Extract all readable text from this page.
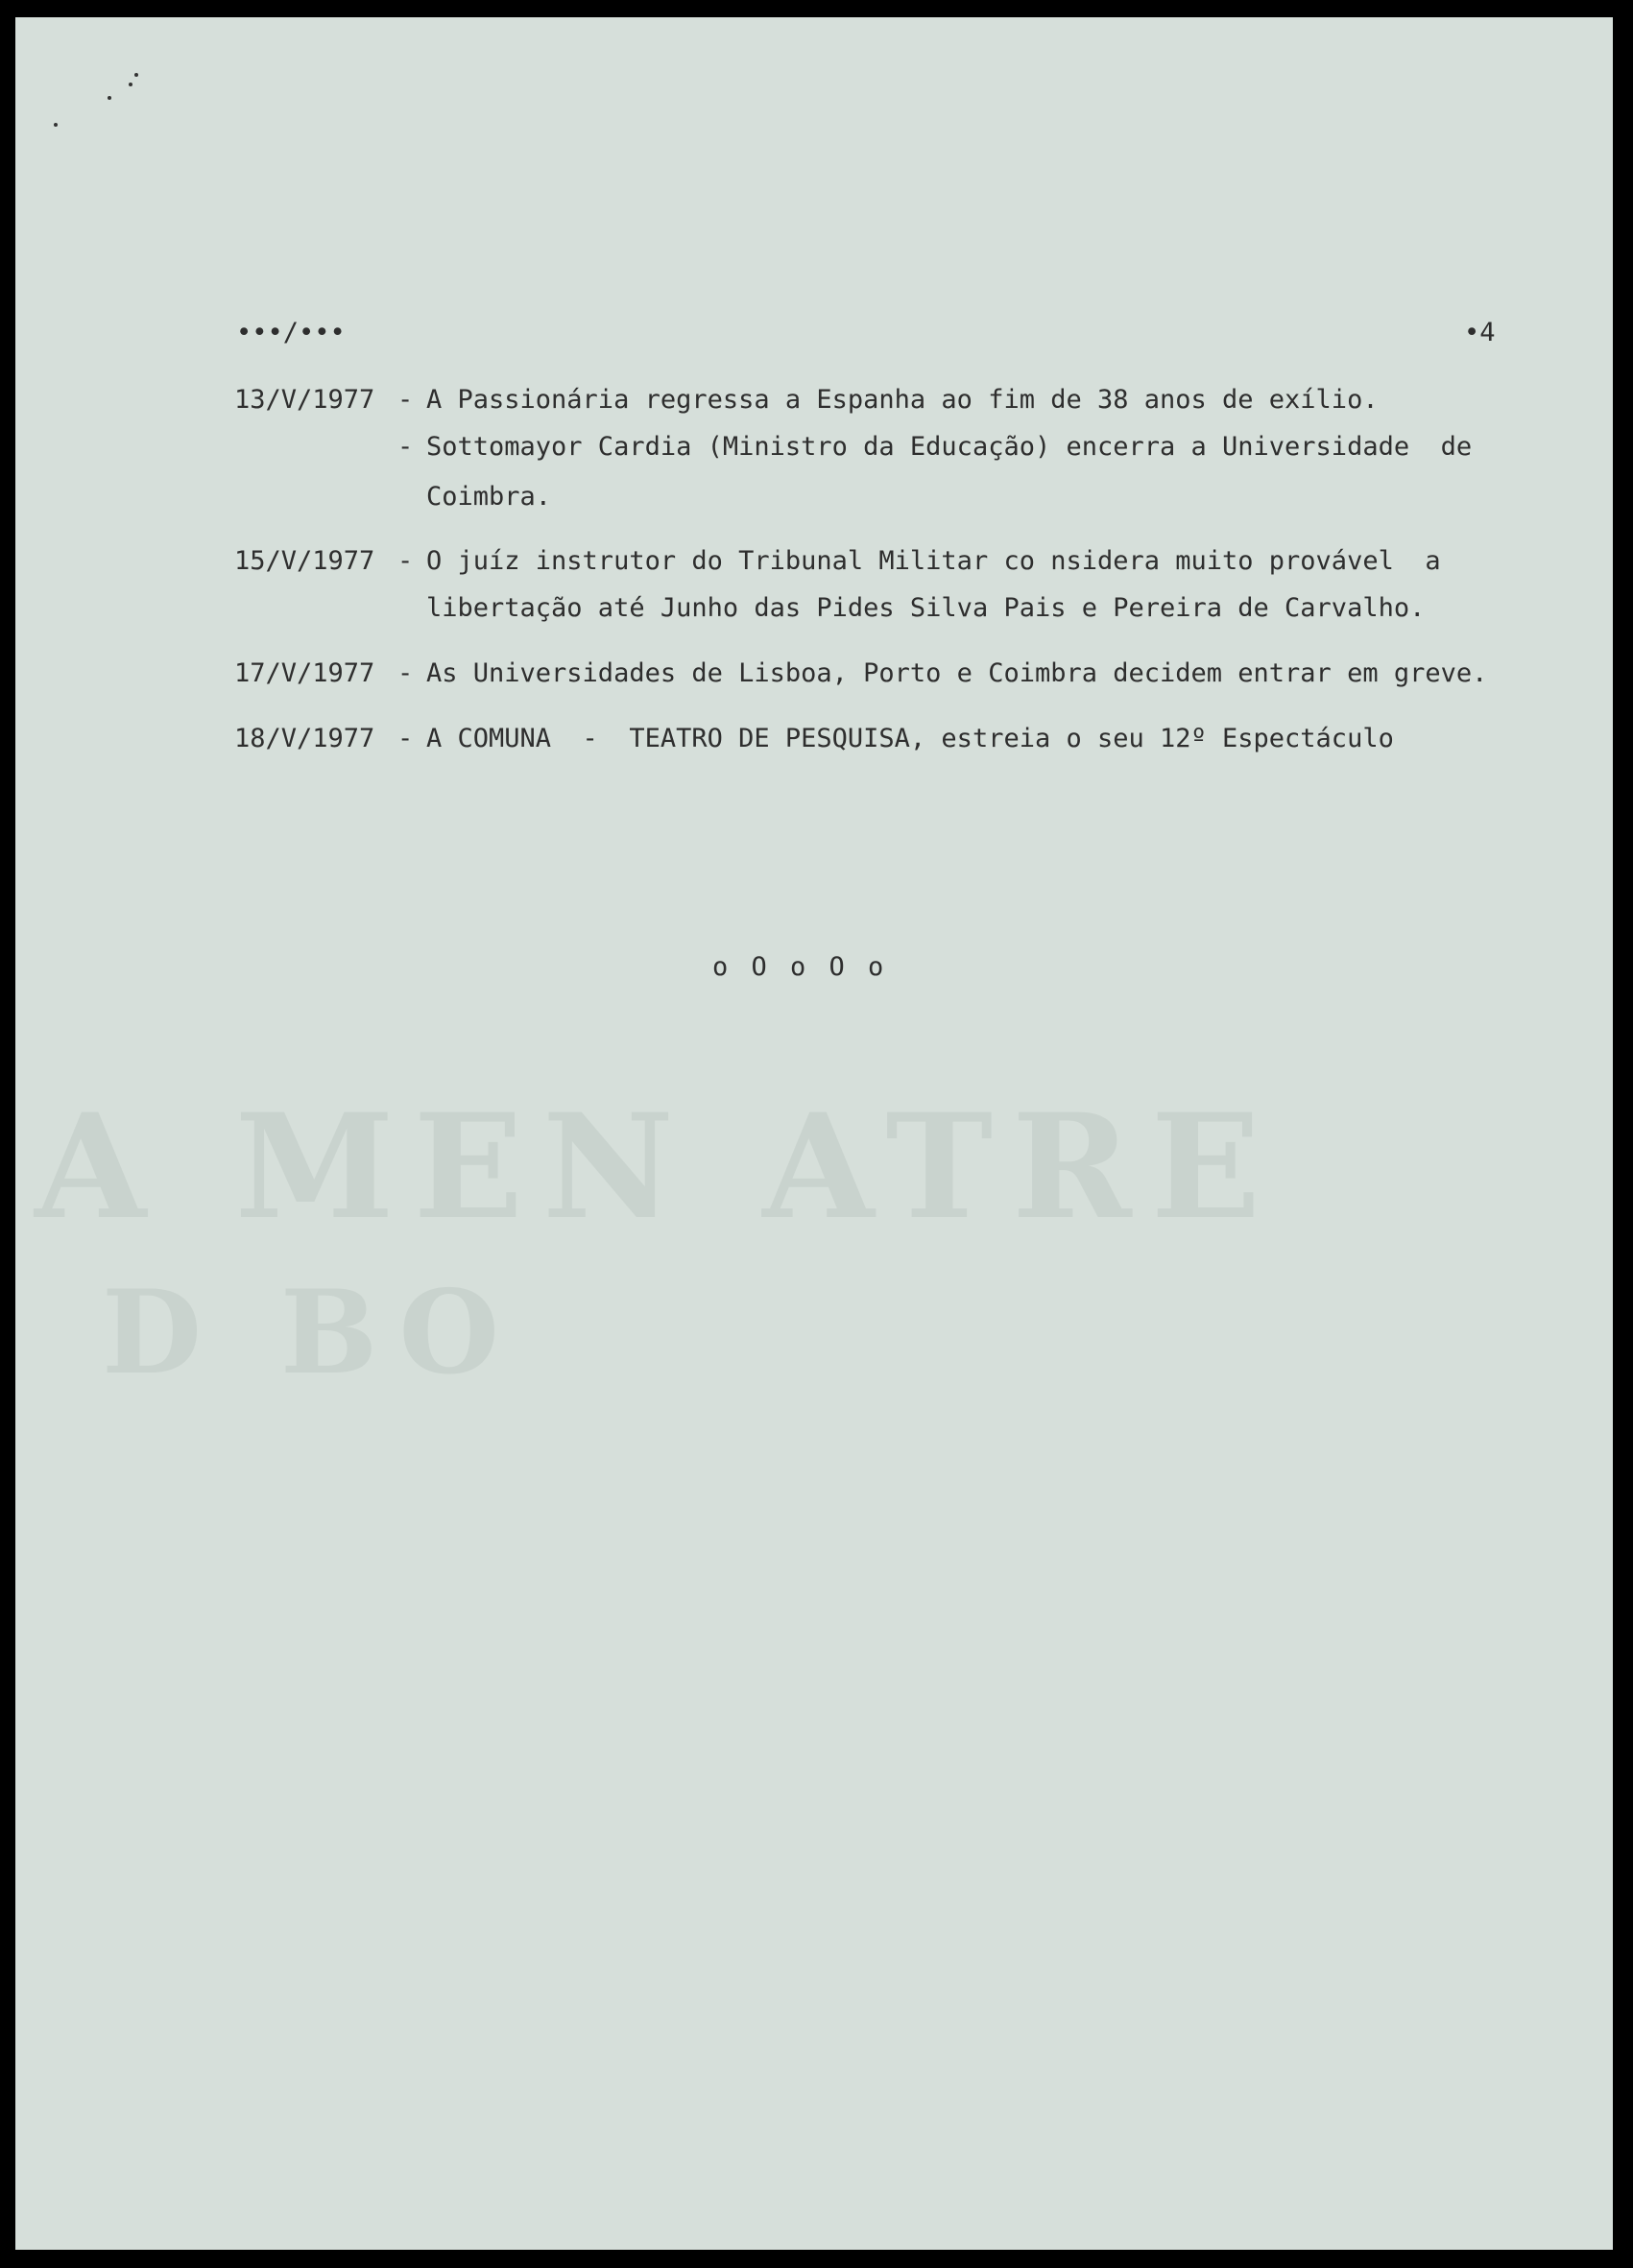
A MEN ATRE
D BO
•••/•••	•4
13/V/1977 - A Passionária regressa a Espanha ao fim de 38 anos de exílio.
- Sottomayor Cardia (Ministro da Educação) encerra a Universidade  de
Coimbra.
15/V/1977 - O juíz instrutor do Tribunal Militar co nsidera muito provável  a
libertação até Junho das Pides Silva Pais e Pereira de Carvalho.
17/V/1977 - As Universidades de Lisboa, Porto e Coimbra decidem entrar em greve.
18/V/1977 - A COMUNA  -  TEATRO DE PESQUISA, estreia o seu 12º Espectáculo
o O o O o
